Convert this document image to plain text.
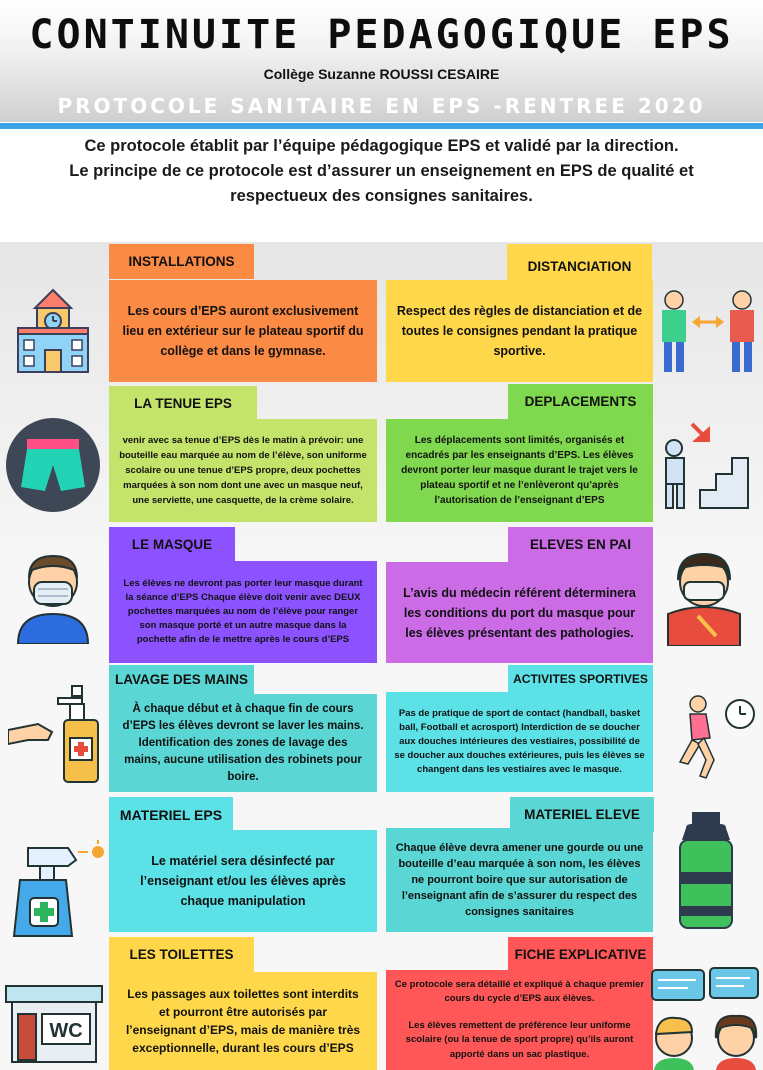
CONTINUITE PEDAGOGIQUE EPS
Collège Suzanne ROUSSI CESAIRE
PROTOCOLE SANITAIRE EN EPS -RENTREE 2020
Ce protocole établit par l’équipe pédagogique EPS et validé par la direction.
Le principe de ce protocole est d’assurer un enseignement en EPS de qualité et
respectueux des consignes sanitaires.
INSTALLATIONS
Les cours d’EPS auront exclusivement lieu en extérieur sur le plateau sportif du collège et dans le gymnase.
DISTANCIATION
Respect des règles de distanciation et de toutes le consignes pendant la pratique sportive.
LA TENUE EPS
venir avec sa tenue d’EPS dès le matin à prévoir: une bouteille eau marquée au nom de l’élève, son uniforme scolaire ou une tenue d’EPS propre, deux pochettes marquées à son nom dont une avec un masque neuf, une serviette, une casquette, de la crème solaire.
DEPLACEMENTS
Les déplacements sont limités, organisés et encadrés par les enseignants d’EPS. Les élèves devront porter leur masque durant le trajet vers le plateau sportif et ne l’enlèveront qu’après l’autorisation de l’enseignant d’EPS
LE MASQUE
Les élèves ne devront pas porter leur masque durant la séance d’EPS Chaque élève doit venir avec DEUX pochettes marquées au nom de l’élève pour ranger son masque porté et un autre masque dans la pochette afin de le mettre après le cours d’EPS
ELEVES EN PAI
L’avis du médecin référent déterminera les conditions du port du masque pour les élèves présentant des pathologies.
LAVAGE DES MAINS
À chaque début et à chaque fin de cours d’EPS les élèves devront se laver les mains. Identification des zones de lavage des mains, aucune utilisation des robinets pour boire.
ACTIVITES SPORTIVES
Pas de pratique de sport de contact (handball, basket ball, Football et acrosport) Interdiction de se doucher aux douches intérieures des vestiaires, possibilité de se doucher aux douches extérieures, puis les élèves se changent dans les vestiaires avec le masque.
MATERIEL EPS
Le matériel sera désinfecté par l’enseignant et/ou les élèves après chaque manipulation
MATERIEL ELEVE
Chaque élève devra amener une gourde ou une bouteille d’eau marquée à son nom, les élèves ne pourront boire que sur autorisation de l’enseignant afin de s’assurer du respect des consignes sanitaires
LES TOILETTES
Les passages aux toilettes sont interdits et pourront être autorisés par l’enseignant d’EPS, mais de manière très exceptionnelle, durant les cours d’EPS
FICHE EXPLICATIVE
Ce protocole sera détaillé et expliqué à chaque premier cours du cycle d’EPS aux élèves.
Les élèves remettent de préférence leur uniforme scolaire (ou la tenue de sport propre) qu’ils auront apporté dans un sac plastique.
WC
